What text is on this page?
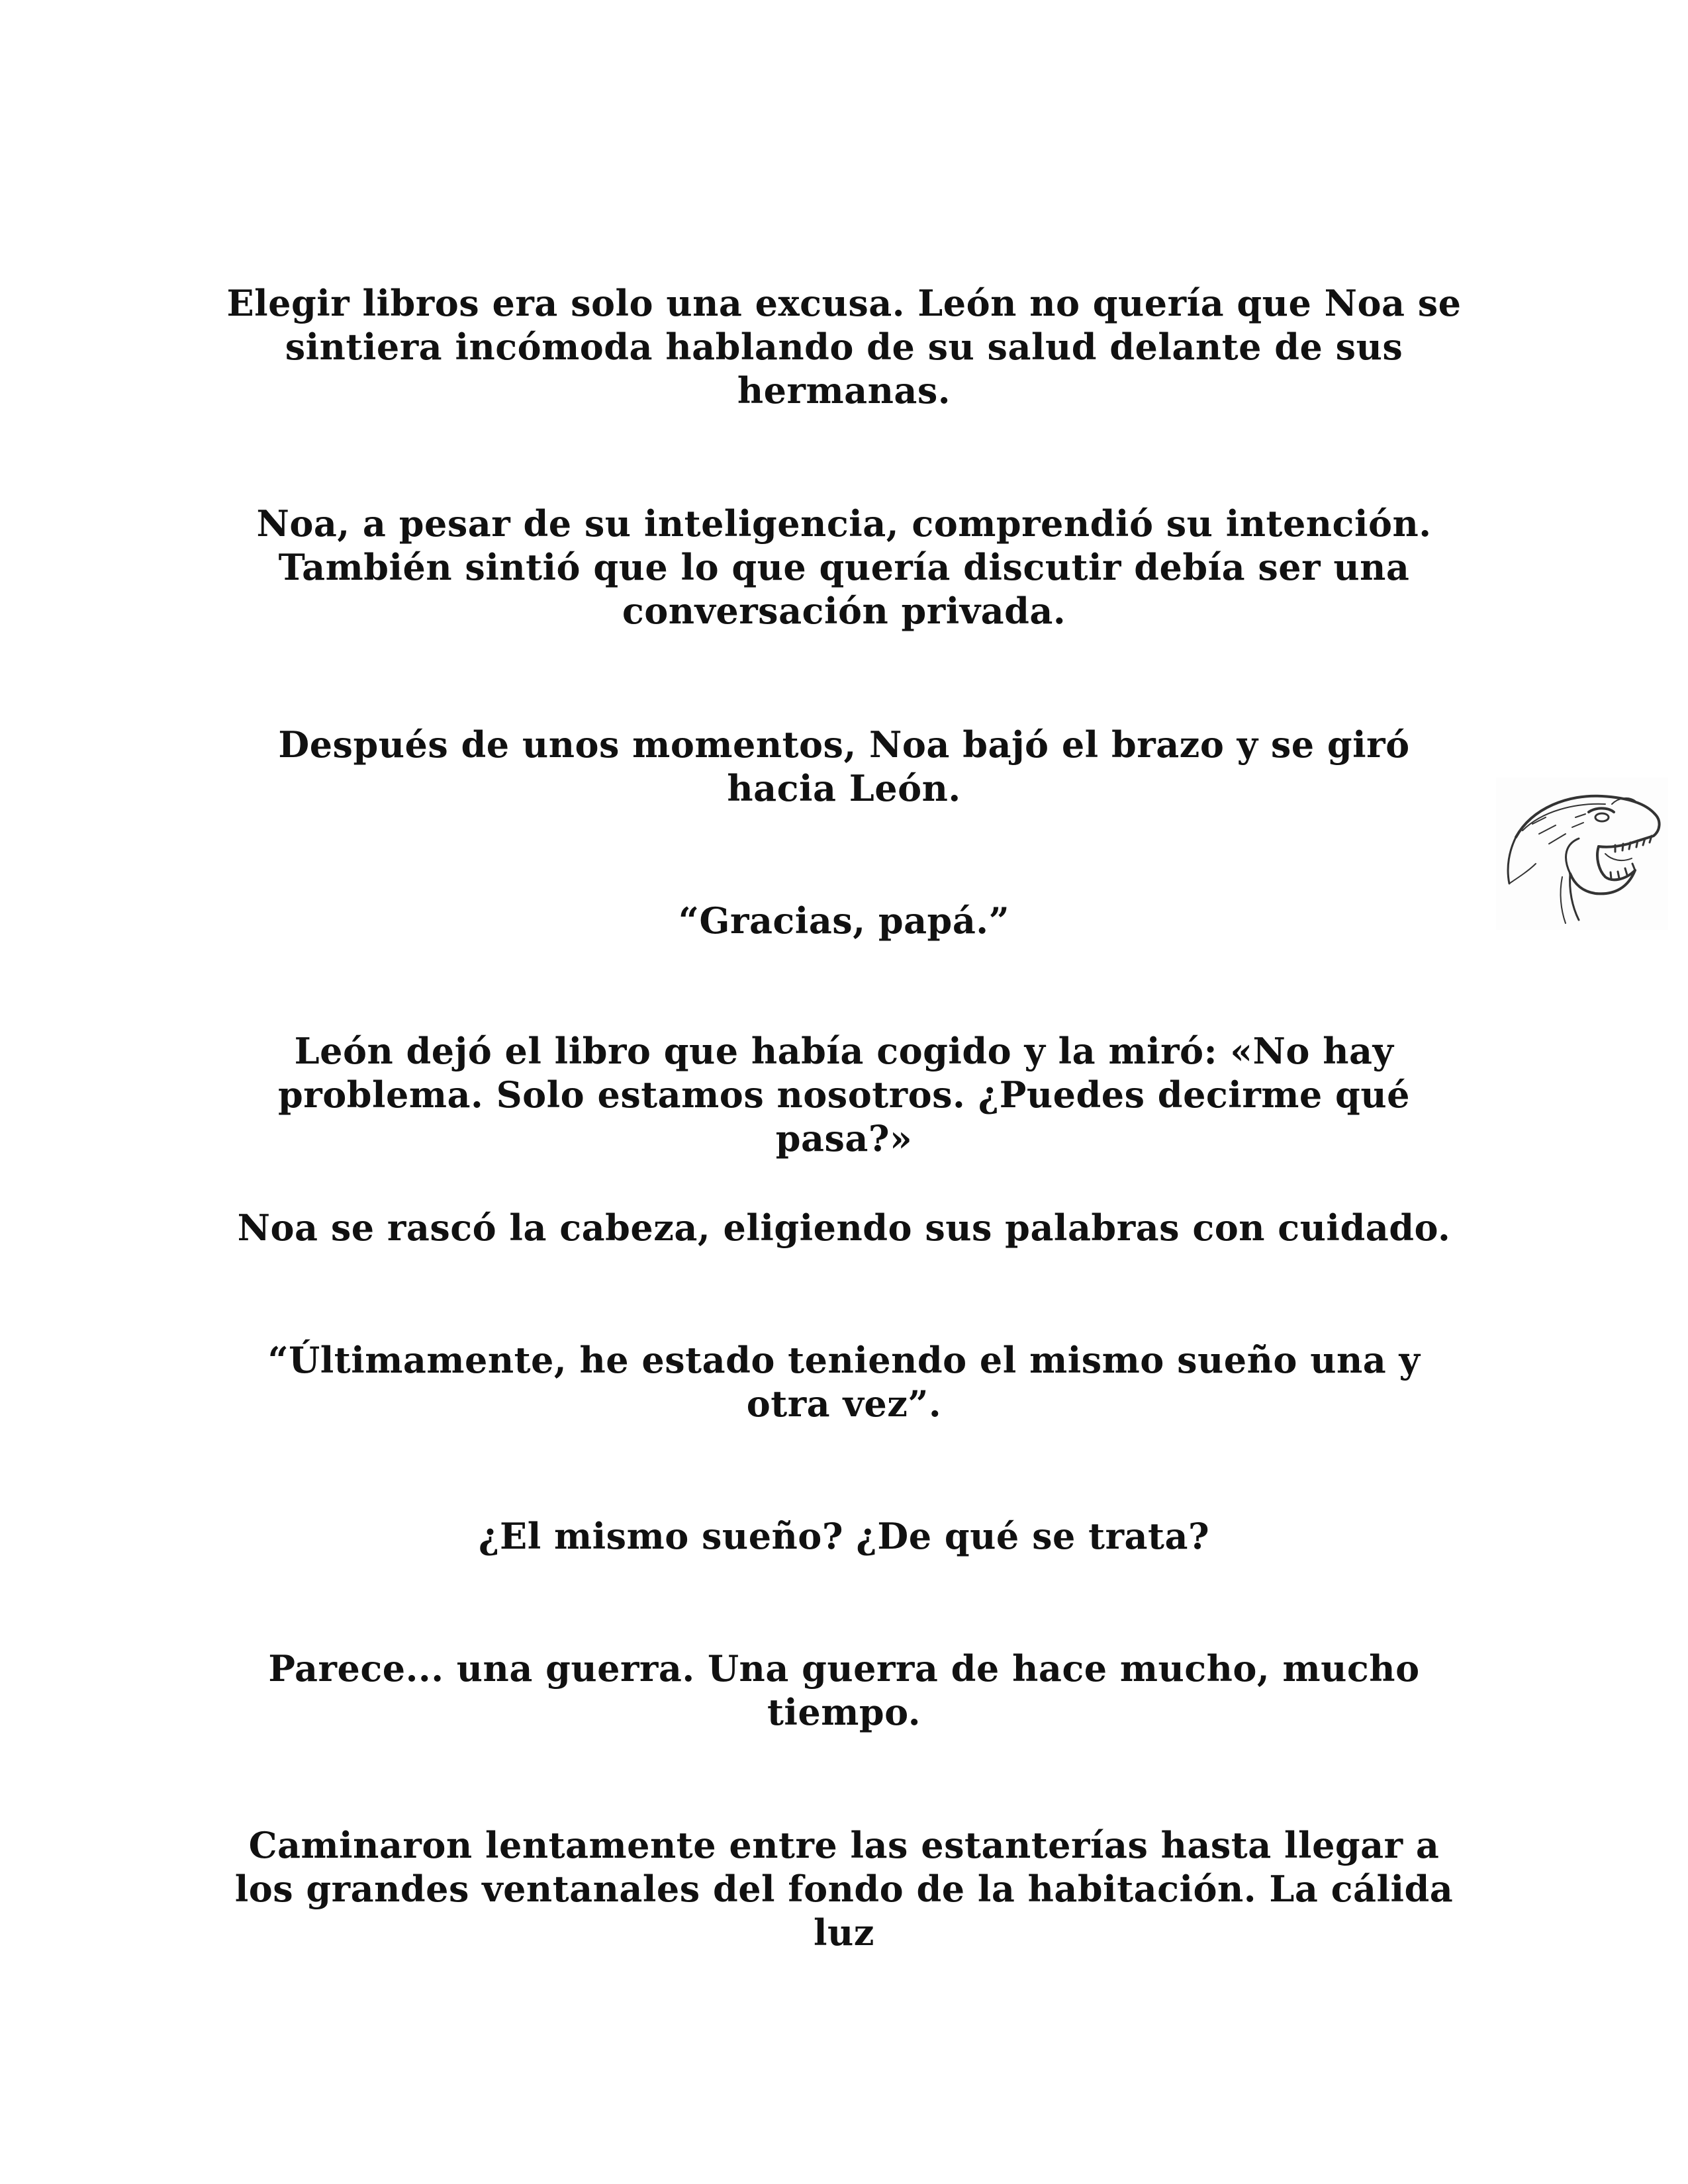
Elegir libros era solo una excusa. León no quería que Noa se sintiera incómoda hablando de su salud delante de sus hermanas.

Noa, a pesar de su inteligencia, comprendió su intención. También sintió que lo que quería discutir debía ser una conversación privada.

Después de unos momentos, Noa bajó el brazo y se giró hacia León.

“Gracias, papá.”

León dejó el libro que había cogido y la miró: «No hay problema. Solo estamos nosotros. ¿Puedes decirme qué pasa?»

Noa se rascó la cabeza, eligiendo sus palabras con cuidado.

“Últimamente, he estado teniendo el mismo sueño una y otra vez”.

¿El mismo sueño? ¿De qué se trata?

Parece... una guerra. Una guerra de hace mucho, mucho tiempo.

Caminaron lentamente entre las estanterías hasta llegar a los grandes ventanales del fondo de la habitación. La cálida luz
